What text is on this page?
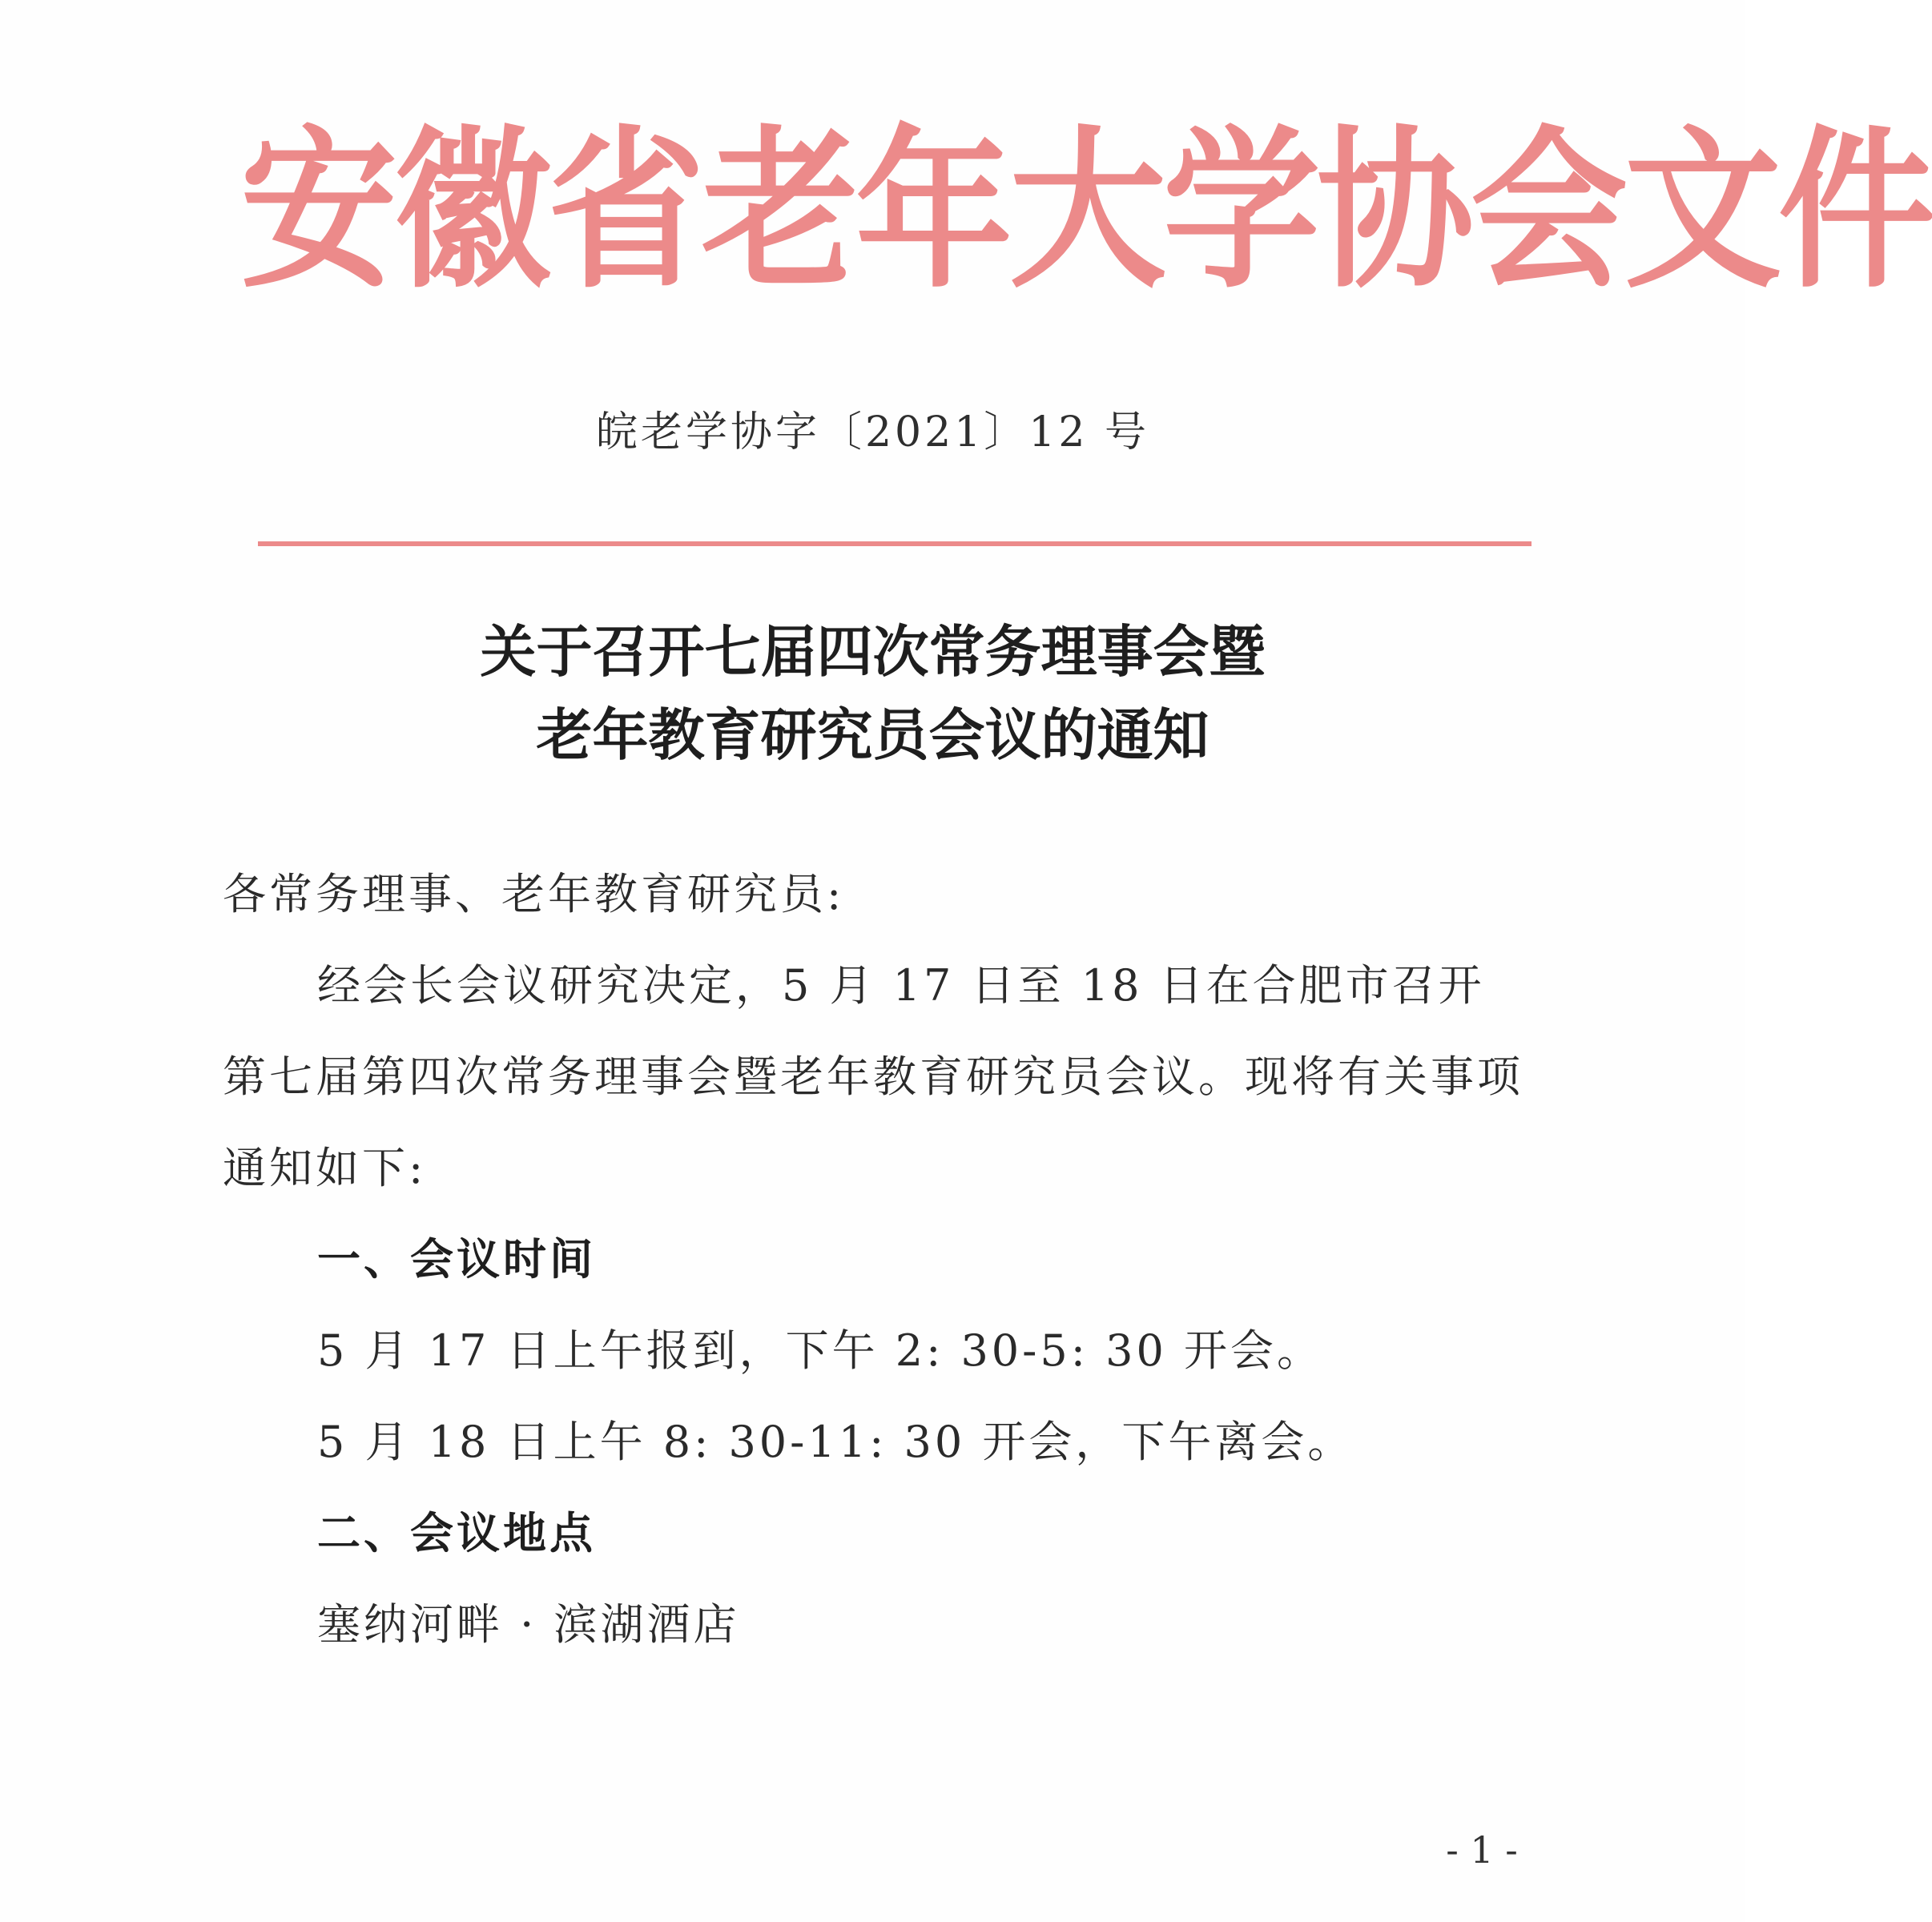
安徽省老年大学协会文件
皖老学协字〔2021〕12 号
关于召开七届四次常务理事会暨
老年教育研究员会议的通知

各常务理事、老年教育研究员:

经会长会议研究决定，5 月 17 日至 18 日在合肥市召开第七届第四次常务理事会暨老年教育研究员会议。现将有关事项通知如下:

一、会议时间

5 月 17 日上午报到，下午 2: 30-5: 30 开会。

5 月 18 日上午 8: 30-11: 30 开会，下午离会。

二、会议地点

塞纳河畔 · 滨湖酒店

- 1 -
